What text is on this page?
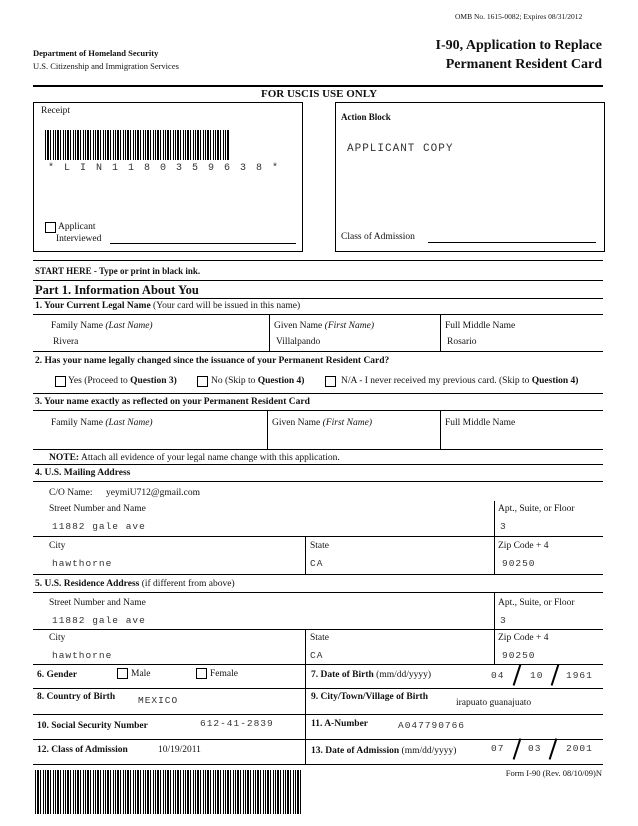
OMB No. 1615-0082; Expires 08/31/2012
Department of Homeland Security
U.S. Citizenship and Immigration Services
I-90, Application to Replace
Permanent Resident Card
FOR USCIS USE ONLY
Receipt
* L I N 1 1 8 0 3 5 9 6 3 8 *
Applicant
Interviewed
Action Block
APPLICANT COPY
Class of Admission
START HERE - Type or print in black ink.
Part 1. Information About You
1. Your Current Legal Name (Your card will be issued in this name)
Family Name (Last Name)	Given Name (First Name)	Full Middle Name
Rivera	Villalpando	Rosario
2. Has your name legally changed since the issuance of your Permanent Resident Card?
Yes (Proceed to Question 3)	No (Skip to Question 4)	N/A - I never received my previous card. (Skip to Question 4)
3. Your name exactly as reflected on your Permanent Resident Card
Family Name (Last Name)	Given Name (First Name)	Full Middle Name
NOTE: Attach all evidence of your legal name change with this application.
4. U.S. Mailing Address
C/O Name: yeymiU712@gmail.com
Street Number and Name	Apt., Suite, or Floor
11882 gale ave	3
City	State	Zip Code + 4
hawthorne	CA	90250
5. U.S. Residence Address (if different from above)
Street Number and Name	Apt., Suite, or Floor
11882 gale ave	3
City	State	Zip Code + 4
hawthorne	CA	90250
6. Gender	Male	Female	7. Date of Birth (mm/dd/yyyy)	04	10 1961
8. Country of Birth MEXICO	9. City/Town/Village of Birth
irapuato guanajuato
10. Social Security Number	612-41-2839	11. A-Number	A047790766
12. Class of Admission	10/19/2011	13. Date of Admission (mm/dd/yyyy)	07 03	2001
Form I-90 (Rev. 08/10/09)N
